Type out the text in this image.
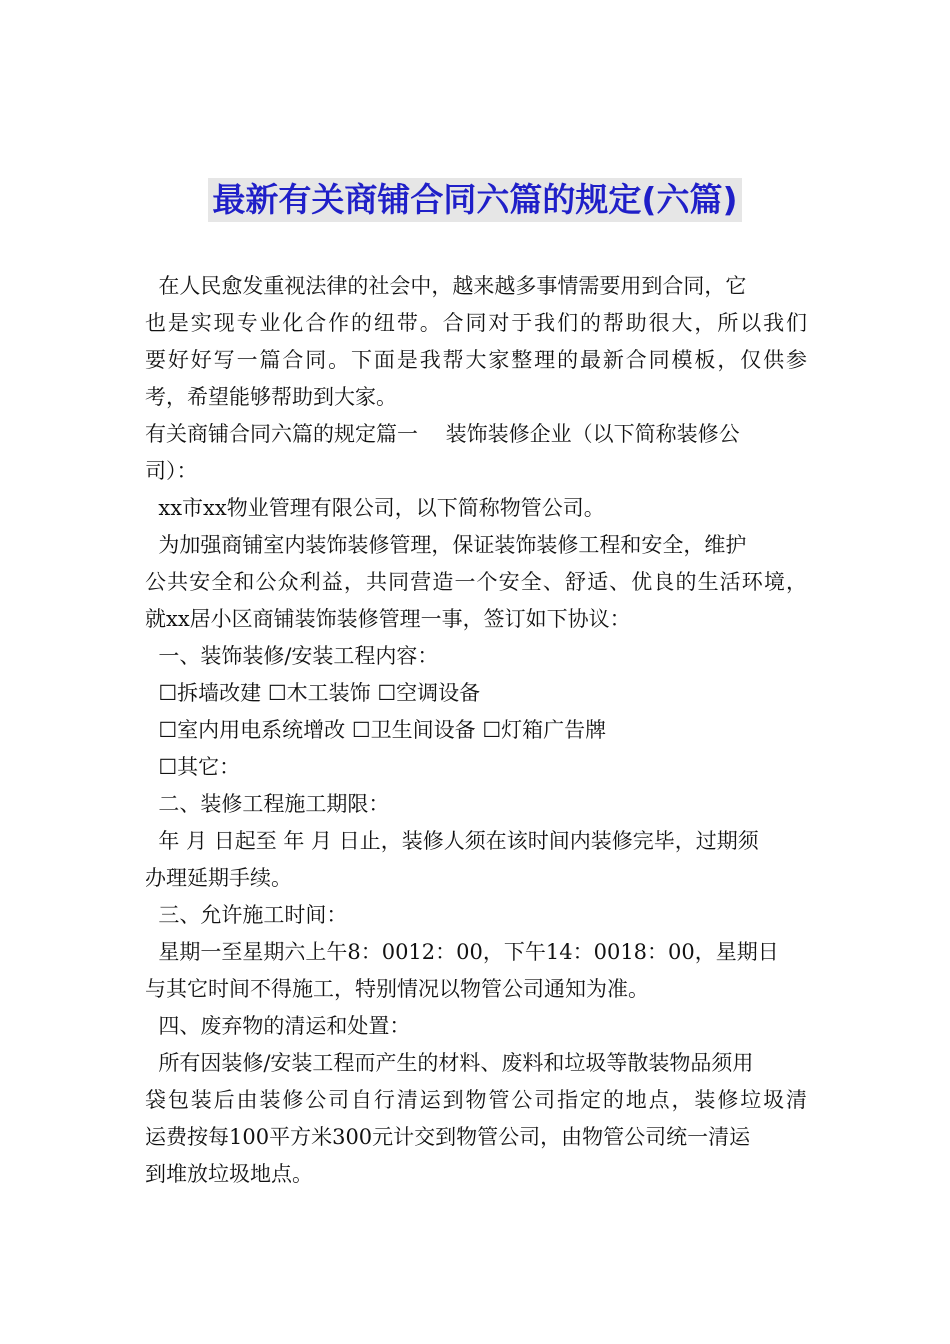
最新有关商铺合同六篇的规定(六篇)
在人民愈发重视法律的社会中，越来越多事情需要用到合同，它
也是实现专业化合作的纽带。合同对于我们的帮助很大，所以我们
要好好写一篇合同。下面是我帮大家整理的最新合同模板，仅供参
考，希望能够帮助到大家。
有关商铺合同六篇的规定篇一　 装饰装修企业（以下简称装修公
司）：
xx市xx物业管理有限公司，以下简称物管公司。
为加强商铺室内装饰装修管理，保证装饰装修工程和安全，维护
公共安全和公众利益，共同营造一个安全、舒适、优良的生活环境，
就xx居小区商铺装饰装修管理一事，签订如下协议：
一、装饰装修/安装工程内容：
☐拆墙改建 ☐木工装饰 ☐空调设备
☐室内用电系统增改 ☐卫生间设备 ☐灯箱广告牌
☐其它：
二、装修工程施工期限：
年 月 日起至 年 月 日止，装修人须在该时间内装修完毕，过期须
办理延期手续。
三、允许施工时间：
星期一至星期六上午8：0012：00，下午14：0018：00，星期日
与其它时间不得施工，特别情况以物管公司通知为准。
四、废弃物的清运和处置：
所有因装修/安装工程而产生的材料、废料和垃圾等散装物品须用
袋包装后由装修公司自行清运到物管公司指定的地点，装修垃圾清
运费按每100平方米300元计交到物管公司，由物管公司统一清运
到堆放垃圾地点。
